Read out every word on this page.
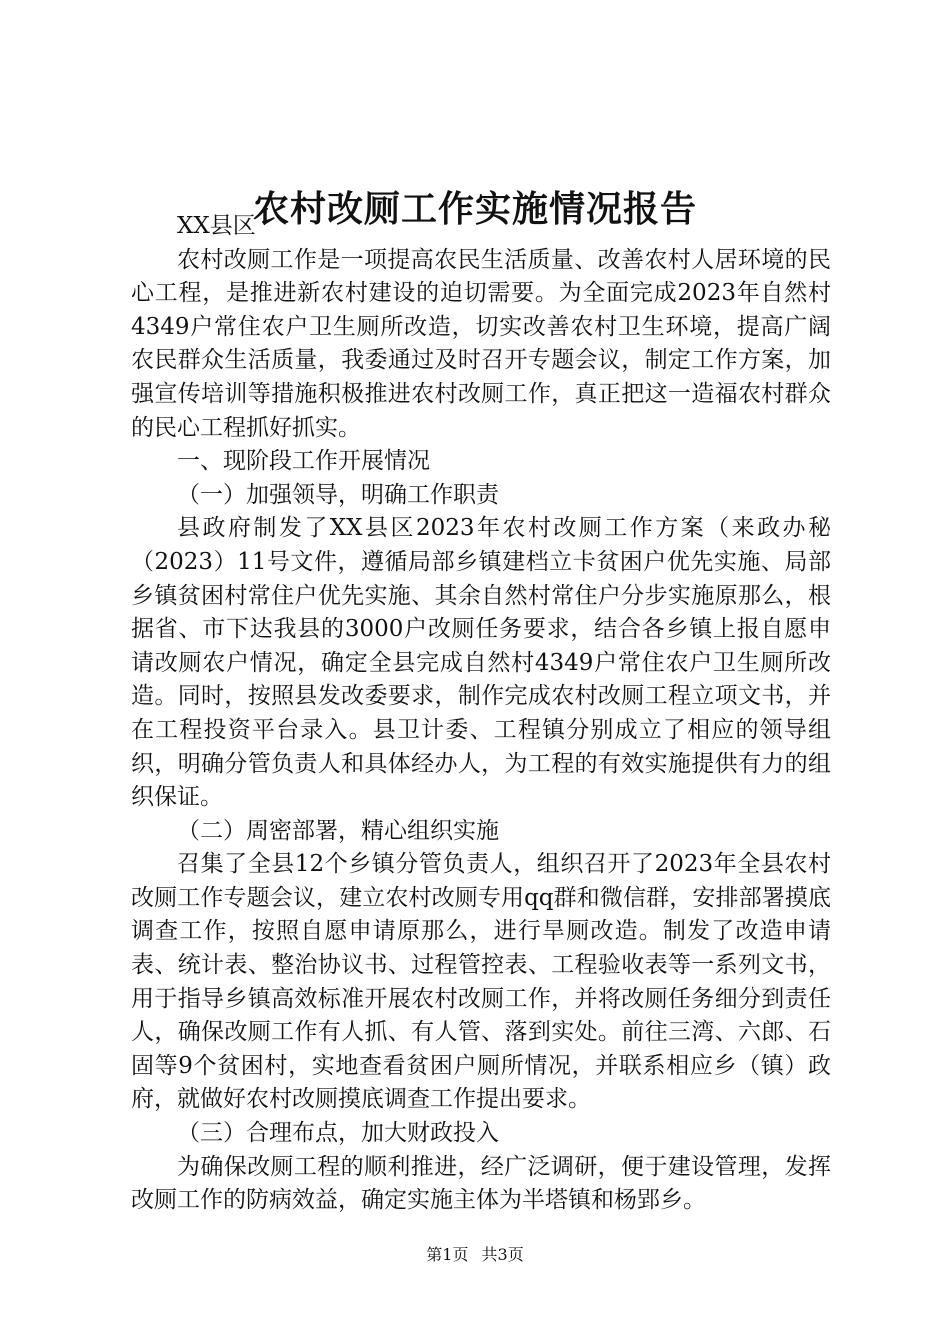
农村改厕工作实施情况报告

XX县区

农村改厕工作是一项提高农民生活质量、改善农村人居环境的民心工程，是推进新农村建设的迫切需要。为全面完成2023年自然村4349户常住农户卫生厕所改造，切实改善农村卫生环境，提高广阔农民群众生活质量，我委通过及时召开专题会议，制定工作方案，加强宣传培训等措施积极推进农村改厕工作，真正把这一造福农村群众的民心工程抓好抓实。

一、现阶段工作开展情况

（一）加强领导，明确工作职责

县政府制发了XX县区2023年农村改厕工作方案（来政办秘（2023）11号文件，遵循局部乡镇建档立卡贫困户优先实施、局部乡镇贫困村常住户优先实施、其余自然村常住户分步实施原那么，根据省、市下达我县的3000户改厕任务要求，结合各乡镇上报自愿申请改厕农户情况，确定全县完成自然村4349户常住农户卫生厕所改造。同时，按照县发改委要求，制作完成农村改厕工程立项文书，并在工程投资平台录入。县卫计委、工程镇分别成立了相应的领导组织，明确分管负责人和具体经办人，为工程的有效实施提供有力的组织保证。

（二）周密部署，精心组织实施

召集了全县12个乡镇分管负责人，组织召开了2023年全县农村改厕工作专题会议，建立农村改厕专用qq群和微信群，安排部署摸底调查工作，按照自愿申请原那么，进行旱厕改造。制发了改造申请表、统计表、整治协议书、过程管控表、工程验收表等一系列文书，用于指导乡镇高效标准开展农村改厕工作，并将改厕任务细分到责任人，确保改厕工作有人抓、有人管、落到实处。前往三湾、六郎、石固等9个贫困村，实地查看贫困户厕所情况，并联系相应乡（镇）政府，就做好农村改厕摸底调查工作提出要求。

（三）合理布点，加大财政投入

为确保改厕工程的顺利推进，经广泛调研，便于建设管理，发挥改厕工作的防病效益，确定实施主体为半塔镇和杨郢乡。

第1页 共3页
